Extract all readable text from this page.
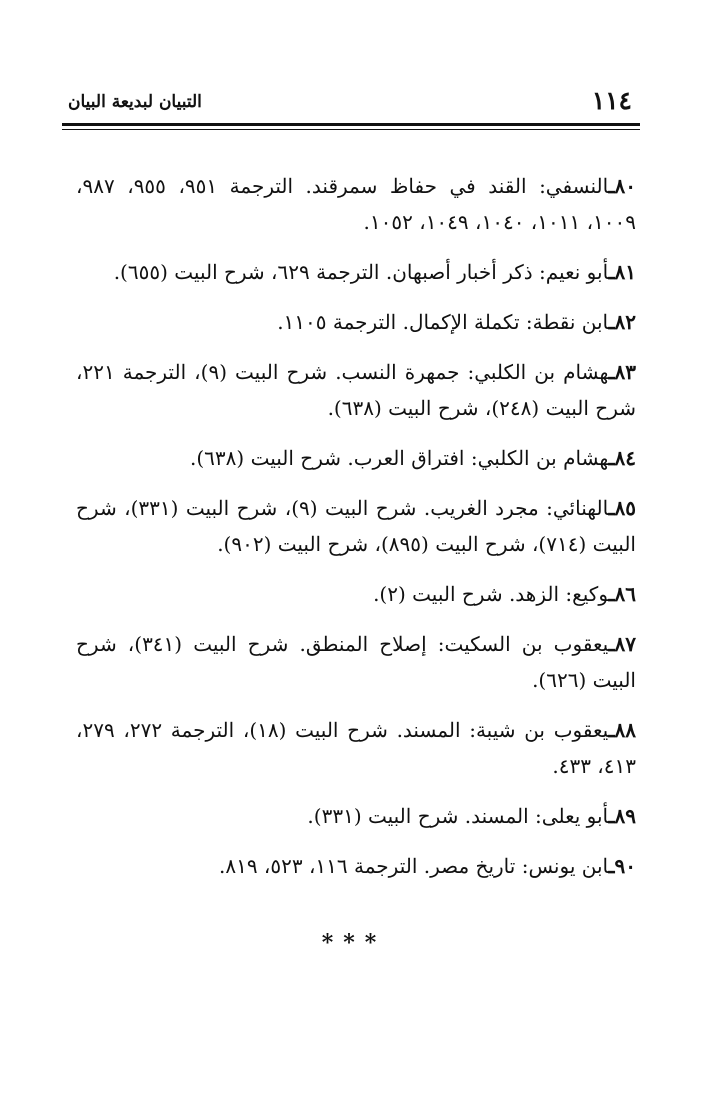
١١٤
التبيان لبديعة البيان
٨٠ـالنسفي: القند في حفاظ سمرقند. الترجمة ٩٥١، ٩٥٥، ٩٨٧، ١٠٠٩، ١٠١١، ١٠٤٠، ١٠٤٩، ١٠٥٢.
٨١ـأبو نعيم: ذكر أخبار أصبهان. الترجمة ٦٢٩، شرح البيت (٦٥٥).
٨٢ـابن نقطة: تكملة الإكمال. الترجمة ١١٠٥.
٨٣ـهشام بن الكلبي: جمهرة النسب. شرح البيت (٩)، الترجمة ٢٢١، شرح البيت (٢٤٨)، شرح البيت (٦٣٨).
٨٤ـهشام بن الكلبي: افتراق العرب. شرح البيت (٦٣٨).
٨٥ـالهنائي: مجرد الغريب. شرح البيت (٩)، شرح البيت (٣٣١)، شرح البيت (٧١٤)، شرح البيت (٨٩٥)، شرح البيت (٩٠٢).
٨٦ـوكيع: الزهد. شرح البيت (٢).
٨٧ـيعقوب بن السكيت: إصلاح المنطق. شرح البيت (٣٤١)، شرح البيت (٦٢٦).
٨٨ـيعقوب بن شيبة: المسند. شرح البيت (١٨)، الترجمة ٢٧٢، ٢٧٩، ٤١٣، ٤٣٣.
٨٩ـأبو يعلى: المسند. شرح البيت (٣٣١).
٩٠ـابن يونس: تاريخ مصر. الترجمة ١١٦، ٥٢٣، ٨١٩.
***
